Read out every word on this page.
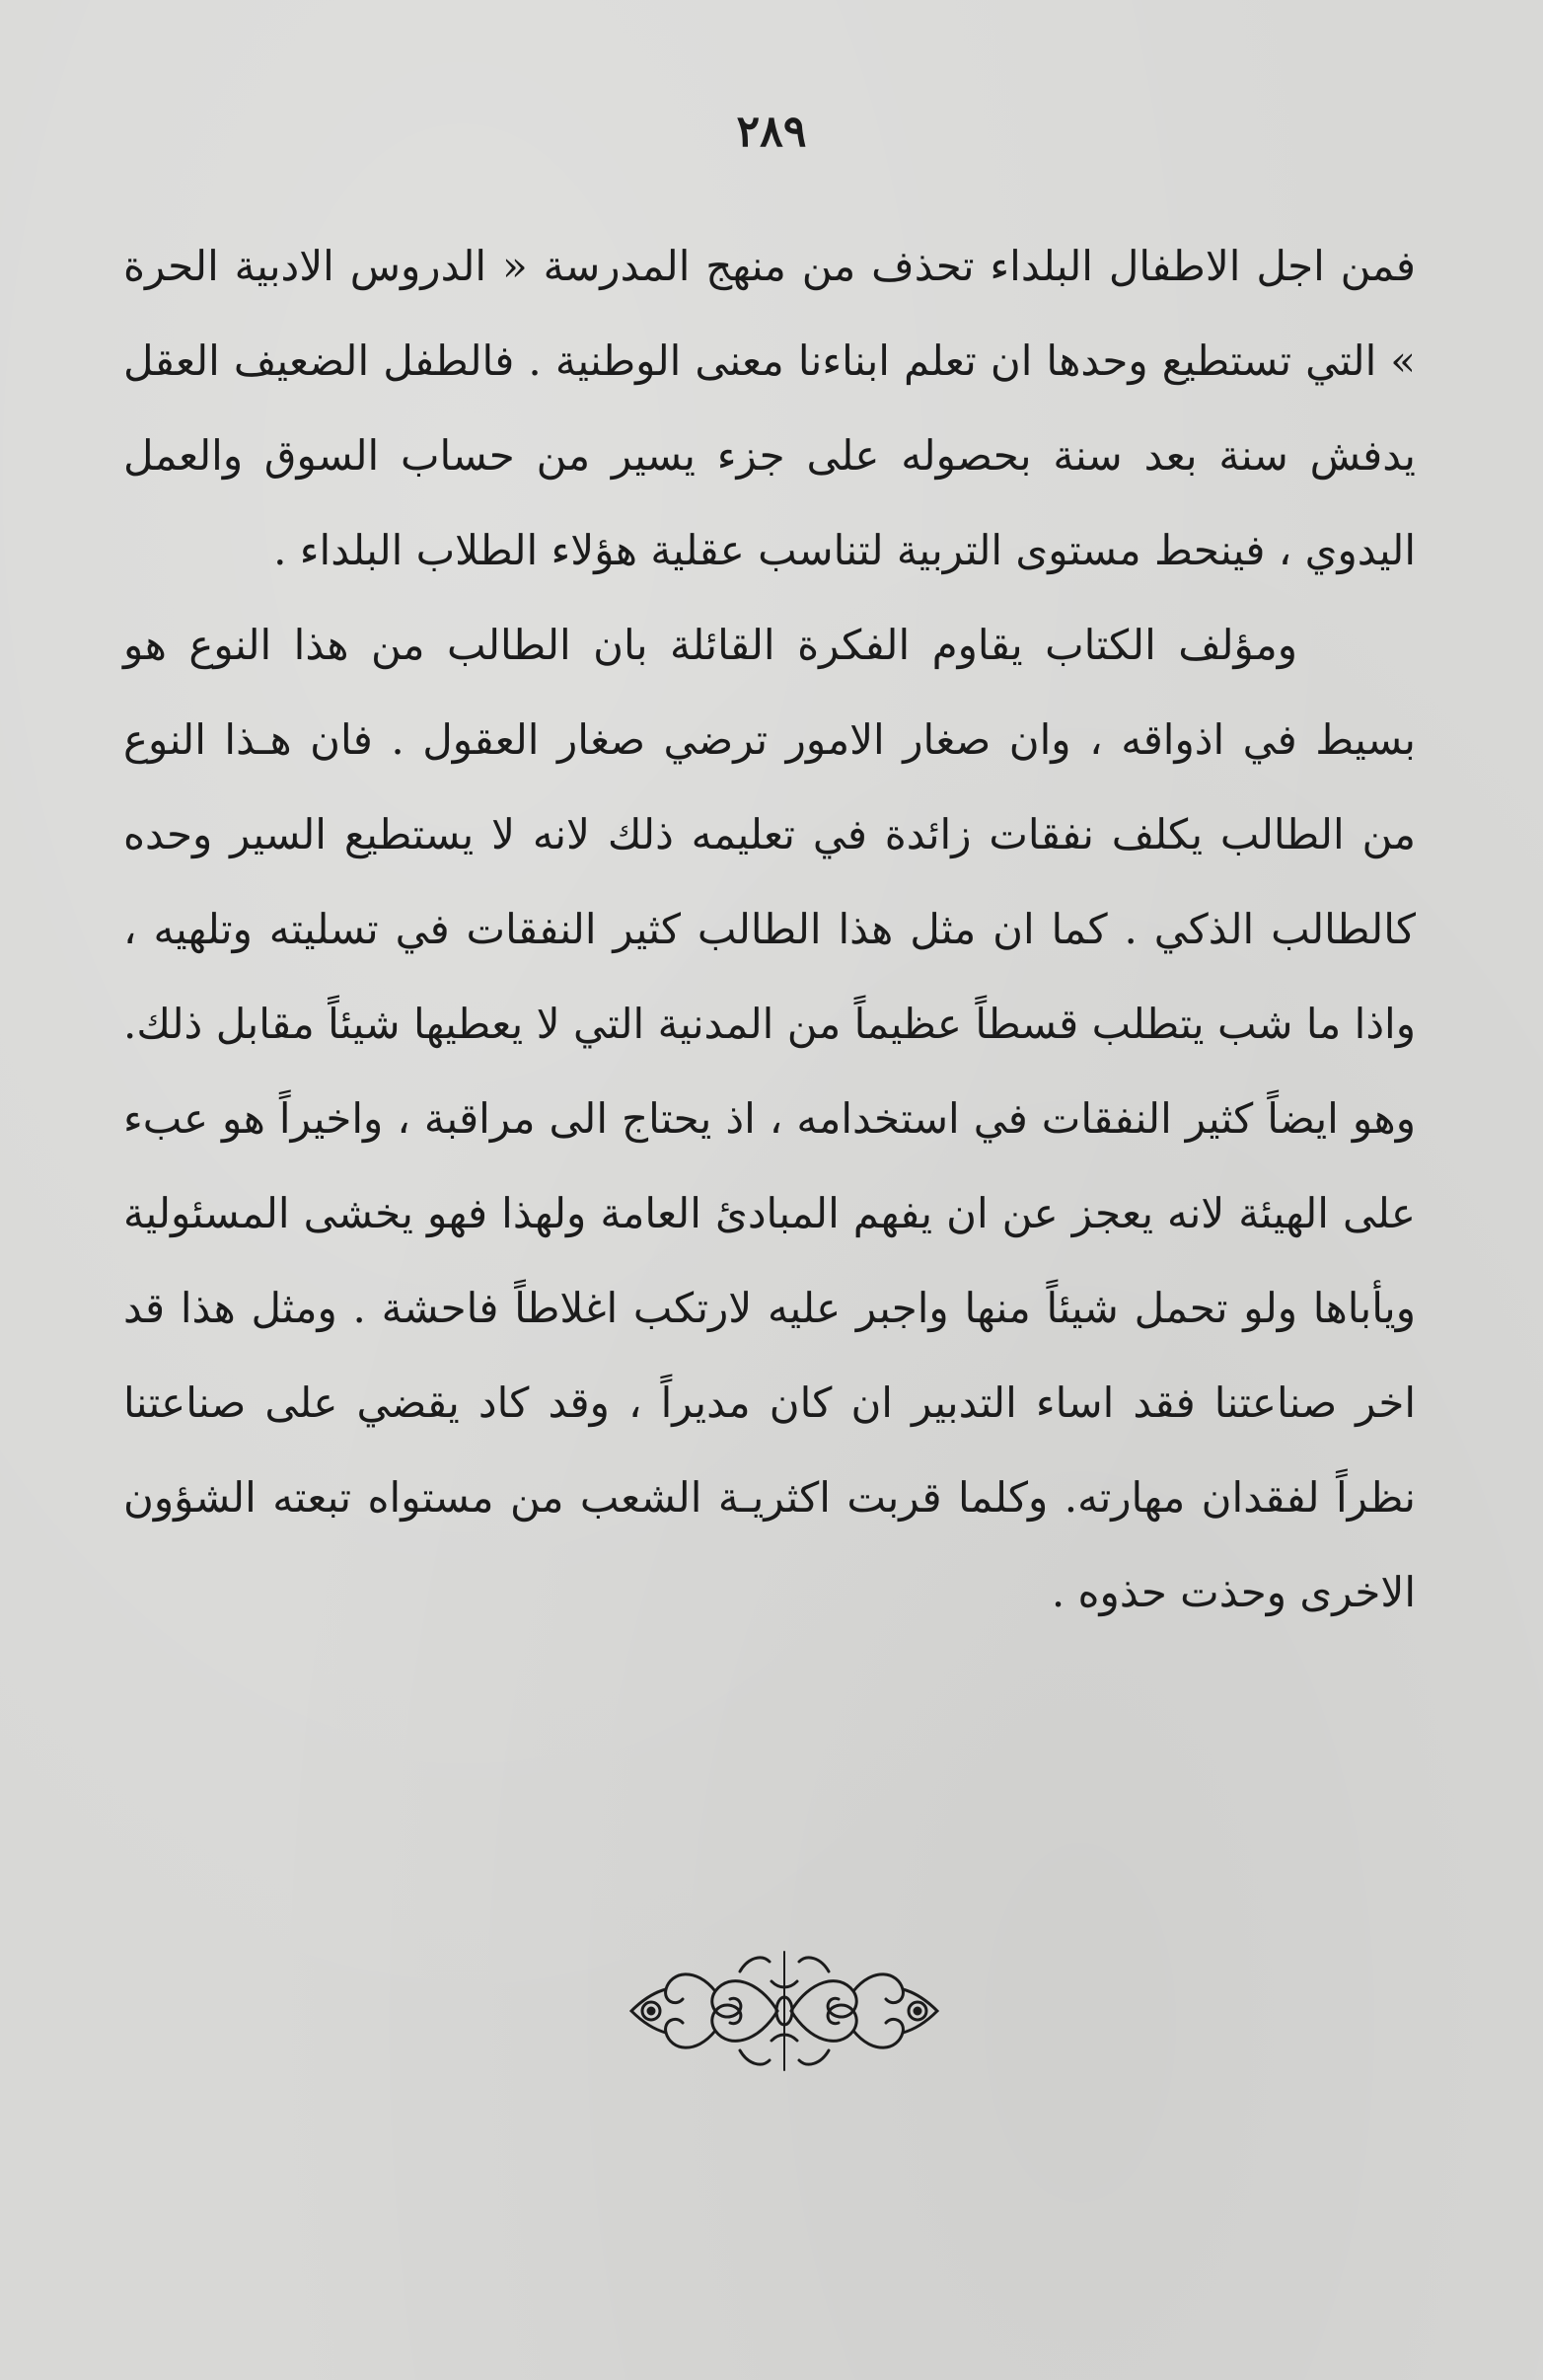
٢٨٩

فمن اجل الاطفال البلداء تحذف من منهج المدرسة « الدروس الادبية الحرة » التي تستطيع وحدها ان تعلم ابناءنا معنى الوطنية . فالطفل الضعيف العقل يدفش سنة بعد سنة بحصوله على جزء يسير من حساب السوق والعمل اليدوي ، فينحط مستوى التربية لتناسب عقلية هؤلاء الطلاب البلداء .

ومؤلف الكتاب يقاوم الفكرة القائلة بان الطالب من هذا النوع هو بسيط في اذواقه ، وان صغار الامور ترضي صغار العقول . فان هـذا النوع من الطالب يكلف نفقات زائدة في تعليمه ذلك لانه لا يستطيع السير وحده كالطالب الذكي . كما ان مثل هذا الطالب كثير النفقات في تسليته وتلهيه ، واذا ما شب يتطلب قسطاً عظيماً من المدنية التي لا يعطيها شيئاً مقابل ذلك. وهو ايضاً كثير النفقات في استخدامه ، اذ يحتاج الى مراقبة ، واخيراً هو عبء على الهيئة لانه يعجز عن ان يفهم المبادئ العامة ولهذا فهو يخشى المسئولية ويأباها ولو تحمل شيئاً منها واجبر عليه لارتكب اغلاطاً فاحشة . ومثل هذا قد اخر صناعتنا فقد اساء التدبير ان كان مديراً ، وقد كاد يقضي على صناعتنا نظراً لفقدان مهارته. وكلما قربت اكثريـة الشعب من مستواه تبعته الشؤون الاخرى وحذت حذوه .
